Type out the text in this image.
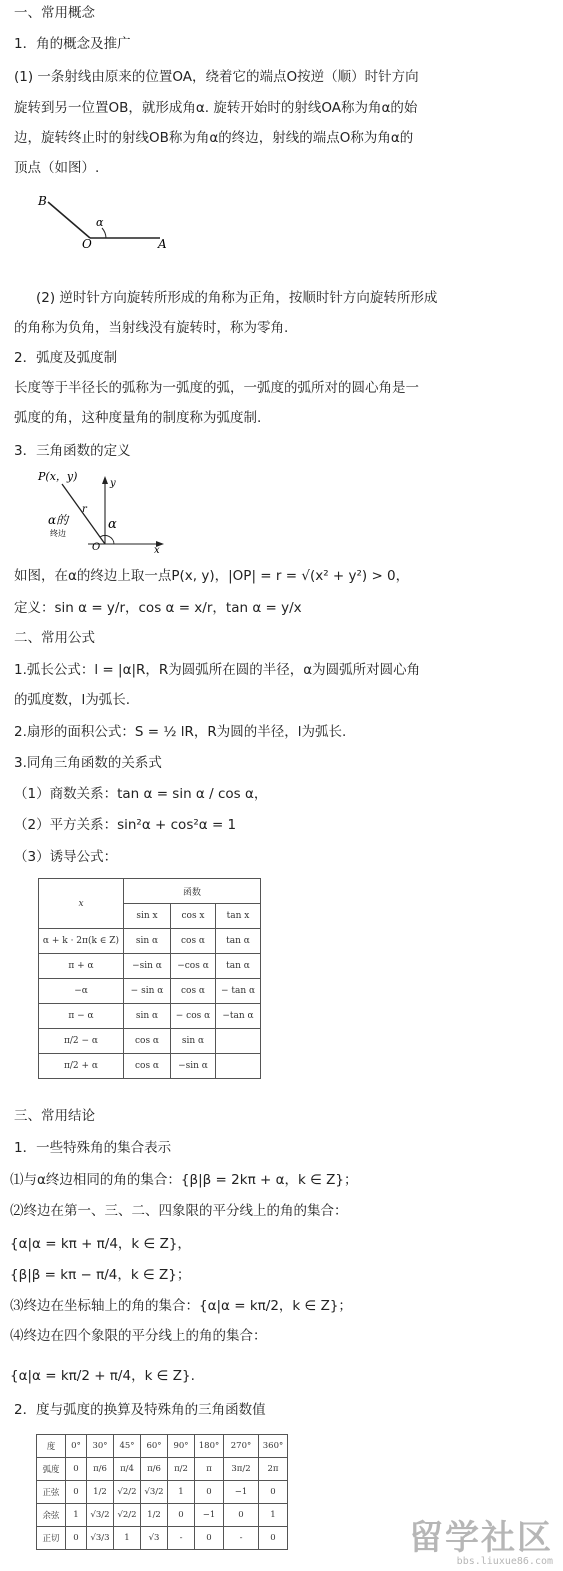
一、常用概念
1．角的概念及推广
(1) 一条射线由原来的位置OA，绕着它的端点O按逆（顺）时针方向
旋转到另一位置OB，就形成角α. 旋转开始时的射线OA称为角α的始
边，旋转终止时的射线OB称为角α的终边，射线的端点O称为角α的
顶点（如图）.
B
O	A
α
(2) 逆时针方向旋转所形成的角称为正角，按顺时针方向旋转所形成
的角称为负角，当射线没有旋转时，称为零角.
2．弧度及弧度制
长度等于半径长的弧称为一弧度的弧，一弧度的弧所对的圆心角是一
弧度的角，这种度量角的制度称为弧度制.
3．三角函数的定义
P(x，y)
y
r
α
α的
终边
O	x
如图，在α的终边上取一点P(x, y)，|OP| = r = √(x² + y²) > 0，
定义：sin α = y/r，cos α = x/r，tan α = y/x
二、常用公式
1.弧长公式：l = |α|R，R为圆弧所在圆的半径，α为圆弧所对圆心角
的弧度数，l为弧长.
2.扇形的面积公式：S = ½ lR，R为圆的半径，l为弧长.
3.同角三角函数的关系式
（1）商数关系：tan α = sin α / cos α，
（2）平方关系：sin²α + cos²α = 1
（3）诱导公式：
x	函数		
	sin x	cos x	tan x
α + k · 2π(k ∈ Z)	sin α	cos α	tan α
π + α	−sin α	−cos α	tan α
−α	− sin α	cos α	− tan α
π − α	sin α	− cos α	−tan α
π/2 − α	cos α	sin α	
π/2 + α	cos α	−sin α	
三、常用结论
1．一些特殊角的集合表示
⑴与α终边相同的角的集合：{β|β = 2kπ + α，k ∈ Z}；
⑵终边在第一、三、二、四象限的平分线上的角的集合：
{α|α = kπ + π/4，k ∈ Z}，
{β|β = kπ − π/4，k ∈ Z}；
⑶终边在坐标轴上的角的集合：{α|α = kπ/2，k ∈ Z}；
⑷终边在四个象限的平分线上的角的集合：
{α|α = kπ/2 + π/4，k ∈ Z}.
2．度与弧度的换算及特殊角的三角函数值
度	0°	30°	45°	60°	90°	180°	270°	360°
弧度	0	π/6	π/4	π/6	π/2	π	3π/2	2π
正弦	0	1/2	√2/2	√3/2	1	0	−1	0
余弦	1	√3/2	√2/2	1/2	0	−1	0	1
正切	0	√3/3	1	√3	-	0	-	0	留学社区
bbs.liuxue86.com
